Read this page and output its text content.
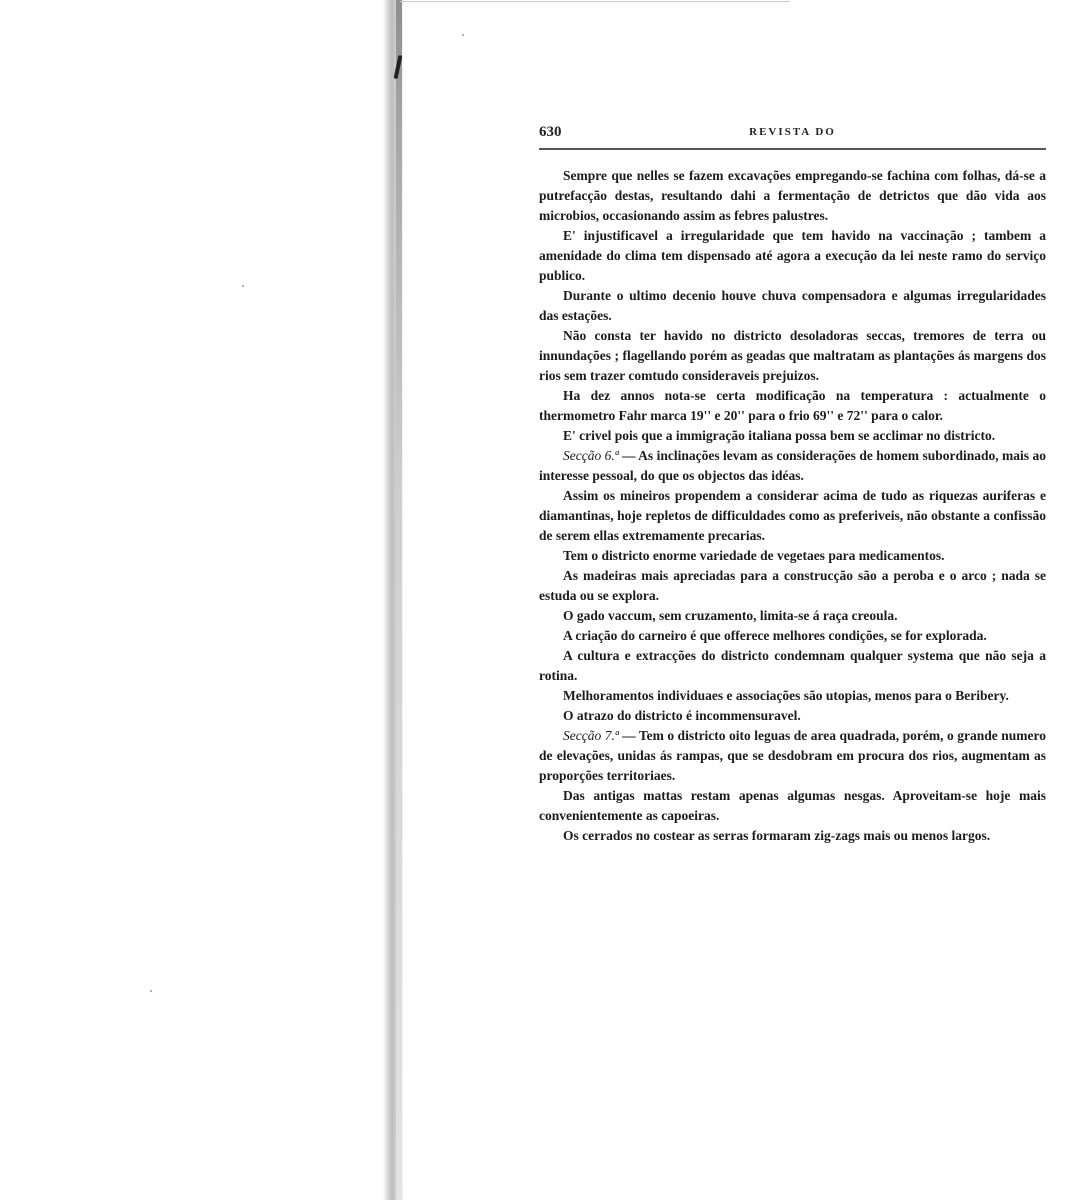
630	REVISTA DO

Sempre que nelles se fazem excavações empregando-se fachina com folhas, dá-se a putrefacção destas, resultando dahi a fermentação de detrictos que dão vida aos microbios, occasionando assim as febres palustres.

E' injustificavel a irregularidade que tem havido na vaccinação ; tambem a amenidade do clima tem dispensado até agora a execução da lei neste ramo do serviço publico.

Durante o ultimo decenio houve chuva compensadora e algumas irregularidades das estações.

Não consta ter havido no districto desoladoras seccas, tremores de terra ou innundações ; flagellando porém as geadas que maltratam as plantações ás margens dos rios sem trazer comtudo consideraveis prejuizos.

Ha dez annos nota-se certa modificação na temperatura : actualmente o thermometro Fahr marca 19'' e 20'' para o frio 69'' e 72'' para o calor.

E' crivel pois que a immigração italiana possa bem se acclimar no districto.

Secção 6.ª — As inclinações levam as considerações de homem subordinado, mais ao interesse pessoal, do que os objectos das idéas.

Assim os mineiros propendem a considerar acima de tudo as riquezas auriferas e diamantinas, hoje repletos de difficuldades como as preferiveis, não obstante a confissão de serem ellas extremamente precarias.

Tem o districto enorme variedade de vegetaes para medicamentos.

As madeiras mais apreciadas para a construcção são a peroba e o arco ; nada se estuda ou se explora.

O gado vaccum, sem cruzamento, limita-se á raça creoula.

A criação do carneiro é que offerece melhores condições, se for explorada.

A cultura e extracções do districto condemnam qualquer systema que não seja a rotina.

Melhoramentos individuaes e associações são utopias, menos para o Beribery.

O atrazo do districto é incommensuravel.

Secção 7.ª — Tem o districto oito leguas de area quadrada, porém, o grande numero de elevações, unidas ás rampas, que se desdobram em procura dos rios, augmentam as proporções territoriaes.

Das antigas mattas restam apenas algumas nesgas. Aproveitam-se hoje mais convenientemente as capoeiras.

Os cerrados no costear as serras formaram zig-zags mais ou menos largos.
